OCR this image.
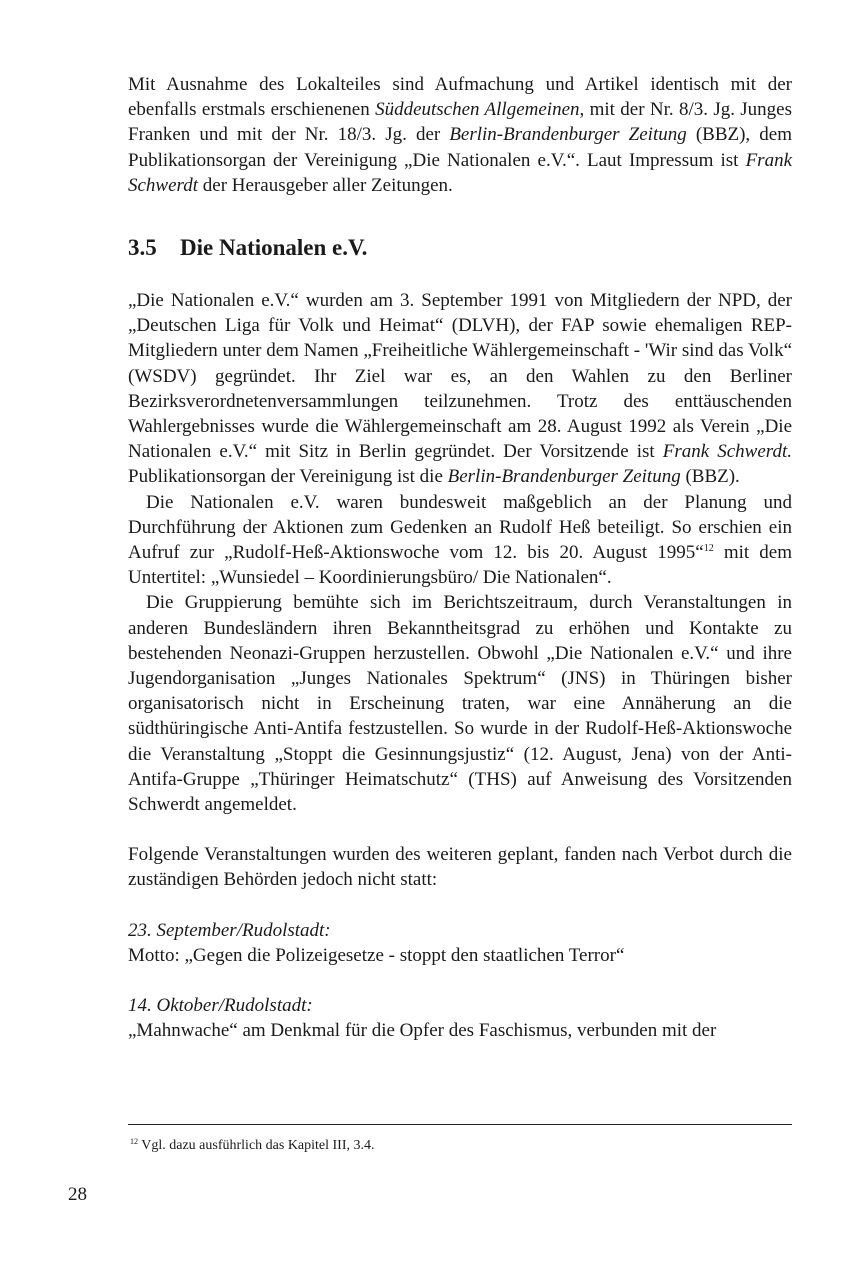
Mit Ausnahme des Lokalteiles sind Aufmachung und Artikel identisch mit der ebenfalls erstmals erschienenen Süddeutschen Allgemeinen, mit der Nr. 8/3. Jg. Junges Franken und mit der Nr. 18/3. Jg. der Berlin-Brandenburger Zeitung (BBZ), dem Publikationsorgan der Vereinigung „Die Nationalen e.V.“. Laut Impressum ist Frank Schwerdt der Herausgeber aller Zeitungen.

3.5 Die Nationalen e.V.

„Die Nationalen e.V.“ wurden am 3. September 1991 von Mitgliedern der NPD, der „Deutschen Liga für Volk und Heimat“ (DLVH), der FAP sowie ehemaligen REP-Mitgliedern unter dem Namen „Freiheitliche Wählergemeinschaft - 'Wir sind das Volk“ (WSDV) gegründet. Ihr Ziel war es, an den Wahlen zu den Berliner Bezirksverordnetenversammlungen teilzunehmen. Trotz des enttäuschenden Wahlergebnisses wurde die Wählergemeinschaft am 28. August 1992 als Verein „Die Nationalen e.V.“ mit Sitz in Berlin gegründet. Der Vorsitzende ist Frank Schwerdt. Publikationsorgan der Vereinigung ist die Berlin-Brandenburger Zeitung (BBZ).

Die Nationalen e.V. waren bundesweit maßgeblich an der Planung und Durchführung der Aktionen zum Gedenken an Rudolf Heß beteiligt. So erschien ein Aufruf zur „Rudolf-Heß-Aktionswoche vom 12. bis 20. August 1995“$^{12}$ mit dem Untertitel: „Wunsiedel – Koordinierungsbüro/ Die Nationalen“.

Die Gruppierung bemühte sich im Berichtszeitraum, durch Veranstaltungen in anderen Bundesländern ihren Bekanntheitsgrad zu erhöhen und Kontakte zu bestehenden Neonazi-Gruppen herzustellen. Obwohl „Die Nationalen e.V.“ und ihre Jugendorganisation „Junges Nationales Spektrum“ (JNS) in Thüringen bisher organisatorisch nicht in Erscheinung traten, war eine Annäherung an die südthüringische Anti-Antifa festzustellen. So wurde in der Rudolf-Heß-Aktionswoche die Veranstaltung „Stoppt die Gesinnungsjustiz“ (12. August, Jena) von der Anti-Antifa-Gruppe „Thüringer Heimatschutz“ (THS) auf Anweisung des Vorsitzenden Schwerdt angemeldet.

Folgende Veranstaltungen wurden des weiteren geplant, fanden nach Verbot durch die zuständigen Behörden jedoch nicht statt:

23. September/Rudolstadt:

Motto: „Gegen die Polizeigesetze - stoppt den staatlichen Terror“

14. Oktober/Rudolstadt:

„Mahnwache“ am Denkmal für die Opfer des Faschismus, verbunden mit der

$^{12}$ Vgl. dazu ausführlich das Kapitel III, 3.4.
28
